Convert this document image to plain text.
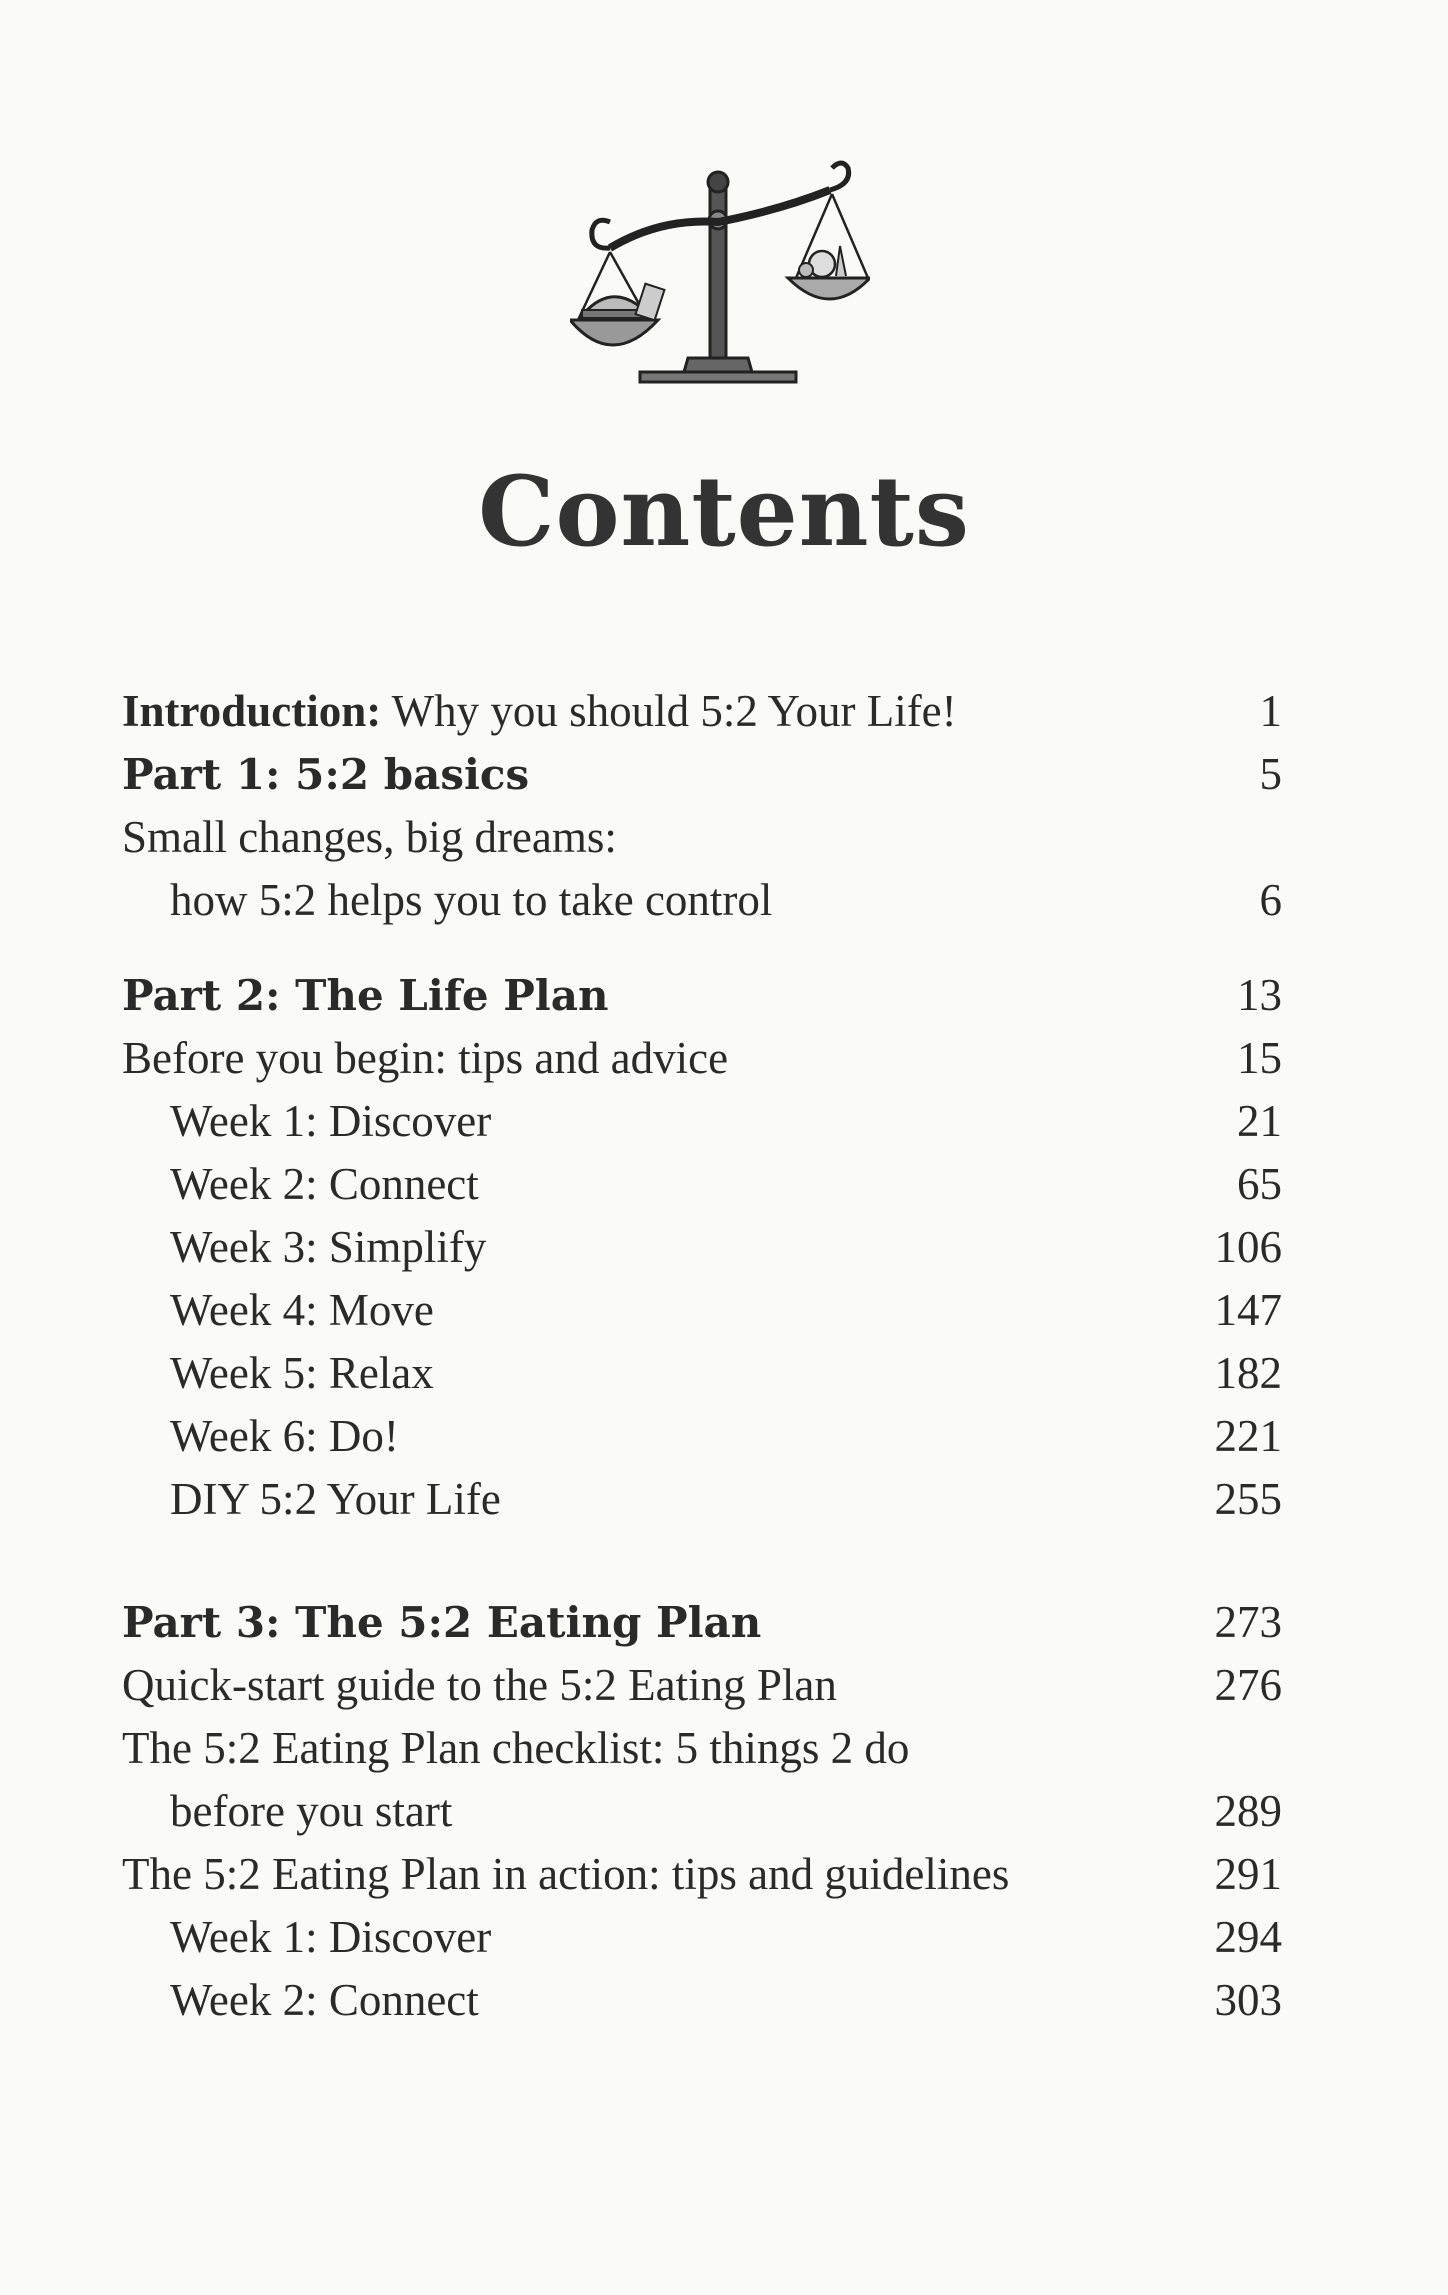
Contents
Introduction: Why you should 5:2 Your Life!	1
Part 1: 5:2 basics	5
Small changes, big dreams:
how 5:2 helps you to take control	6
Part 2: The Life Plan	13
Before you begin: tips and advice	15
Week 1: Discover	21
Week 2: Connect	65
Week 3: Simplify	106
Week 4: Move	147
Week 5: Relax	182
Week 6: Do!	221
DIY 5:2 Your Life	255
Part 3: The 5:2 Eating Plan	273
Quick-start guide to the 5:2 Eating Plan	276
The 5:2 Eating Plan checklist: 5 things 2 do
before you start	289
The 5:2 Eating Plan in action: tips and guidelines	291
Week 1: Discover	294
Week 2: Connect	303
